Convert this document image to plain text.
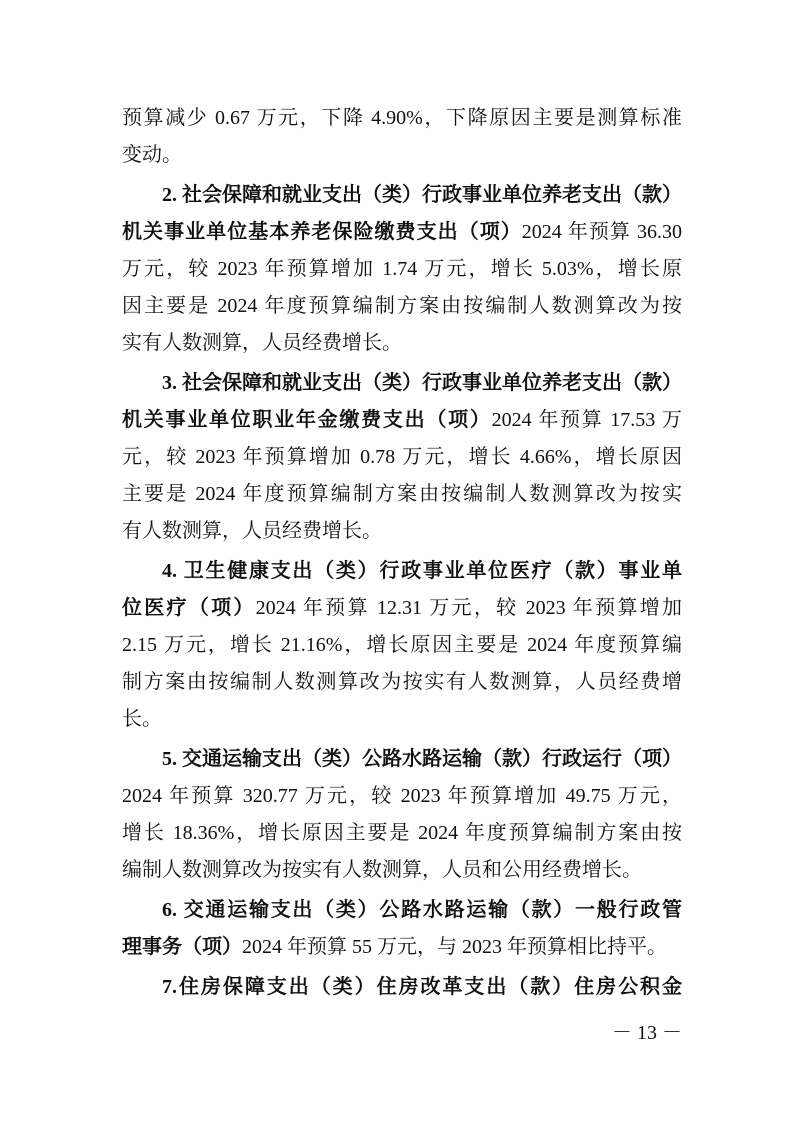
预算减少 0.67 万元，下降 4.90%，下降原因主要是测算标准
变动。
2. 社会保障和就业支出（类）行政事业单位养老支出（款）
机关事业单位基本养老保险缴费支出（项）2024 年预算 36.30
万元，较 2023 年预算增加 1.74 万元，增长 5.03%，增长原
因主要是 2024 年度预算编制方案由按编制人数测算改为按
实有人数测算，人员经费增长。
3. 社会保障和就业支出（类）行政事业单位养老支出（款）
机关事业单位职业年金缴费支出（项）2024 年预算 17.53 万
元，较 2023 年预算增加 0.78 万元，增长 4.66%，增长原因
主要是 2024 年度预算编制方案由按编制人数测算改为按实
有人数测算，人员经费增长。
4. 卫生健康支出（类）行政事业单位医疗（款）事业单
位医疗（项）2024 年预算 12.31 万元，较 2023 年预算增加
2.15 万元，增长 21.16%，增长原因主要是 2024 年度预算编
制方案由按编制人数测算改为按实有人数测算，人员经费增
长。
5. 交通运输支出（类）公路水路运输（款）行政运行（项）
2024 年预算 320.77 万元，较 2023 年预算增加 49.75 万元，
增长 18.36%，增长原因主要是 2024 年度预算编制方案由按
编制人数测算改为按实有人数测算，人员和公用经费增长。
6. 交通运输支出（类）公路水路运输（款）一般行政管
理事务（项）2024 年预算 55 万元，与 2023 年预算相比持平。
7.住房保障支出（类）住房改革支出（款）住房公积金
－ 13 －
